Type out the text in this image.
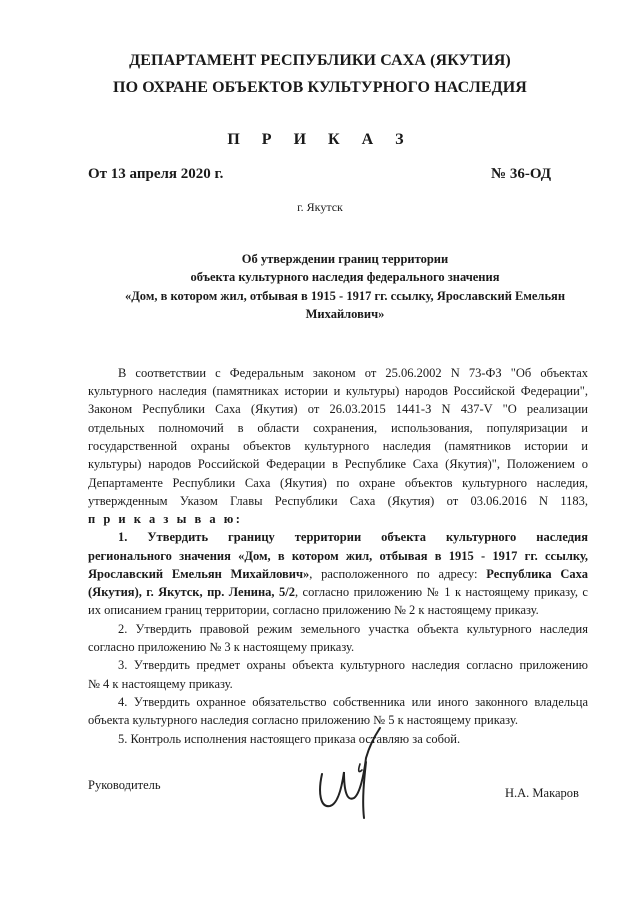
ДЕПАРТАМЕНТ РЕСПУБЛИКИ САХА (ЯКУТИЯ)
ПО ОХРАНЕ ОБЪЕКТОВ КУЛЬТУРНОГО НАСЛЕДИЯ
П Р И К А З
От 13 апреля 2020 г.	№ 36-ОД
г. Якутск
Об утверждении границ территории
объекта культурного наследия федерального значения
«Дом, в котором жил, отбывая в 1915 - 1917 гг. ссылку, Ярославский Емельян
Михайлович»
В соответствии с Федеральным законом от 25.06.2002 N 73-ФЗ "Об объектах
культурного наследия (памятниках истории и культуры) народов Российской Федерации",
Законом Республики Саха (Якутия) от 26.03.2015 1441-З N 437-V "О реализации
отдельных полномочий в области сохранения, использования, популяризации и
государственной охраны объектов культурного наследия (памятников истории и
культуры) народов Российской Федерации в Республике Саха (Якутия)", Положением о
Департаменте Республики Саха (Якутия) по охране объектов культурного наследия,
утвержденным Указом Главы Республики Саха (Якутия) от 03.06.2016 N 1183,
п р и к а з ы в а ю:
1. Утвердить границу территории объекта культурного наследия
регионального значения «Дом, в котором жил, отбывая в 1915 - 1917 гг. ссылку,
Ярославский Емельян Михайлович», расположенного по адресу: Республика Саха
(Якутия), г. Якутск, пр. Ленина, 5/2, согласно приложению № 1 к настоящему приказу, с
их описанием границ территории, согласно приложению № 2 к настоящему приказу.
2. Утвердить правовой режим земельного участка объекта культурного наследия
согласно приложению № 3 к настоящему приказу.
3. Утвердить предмет охраны объекта культурного наследия согласно приложению
№ 4 к настоящему приказу.
4. Утвердить охранное обязательство собственника или иного законного владельца
объекта культурного наследия согласно приложению № 5 к настоящему приказу.
5. Контроль исполнения настоящего приказа оставляю за собой.
Руководитель
Н.А. Макаров
